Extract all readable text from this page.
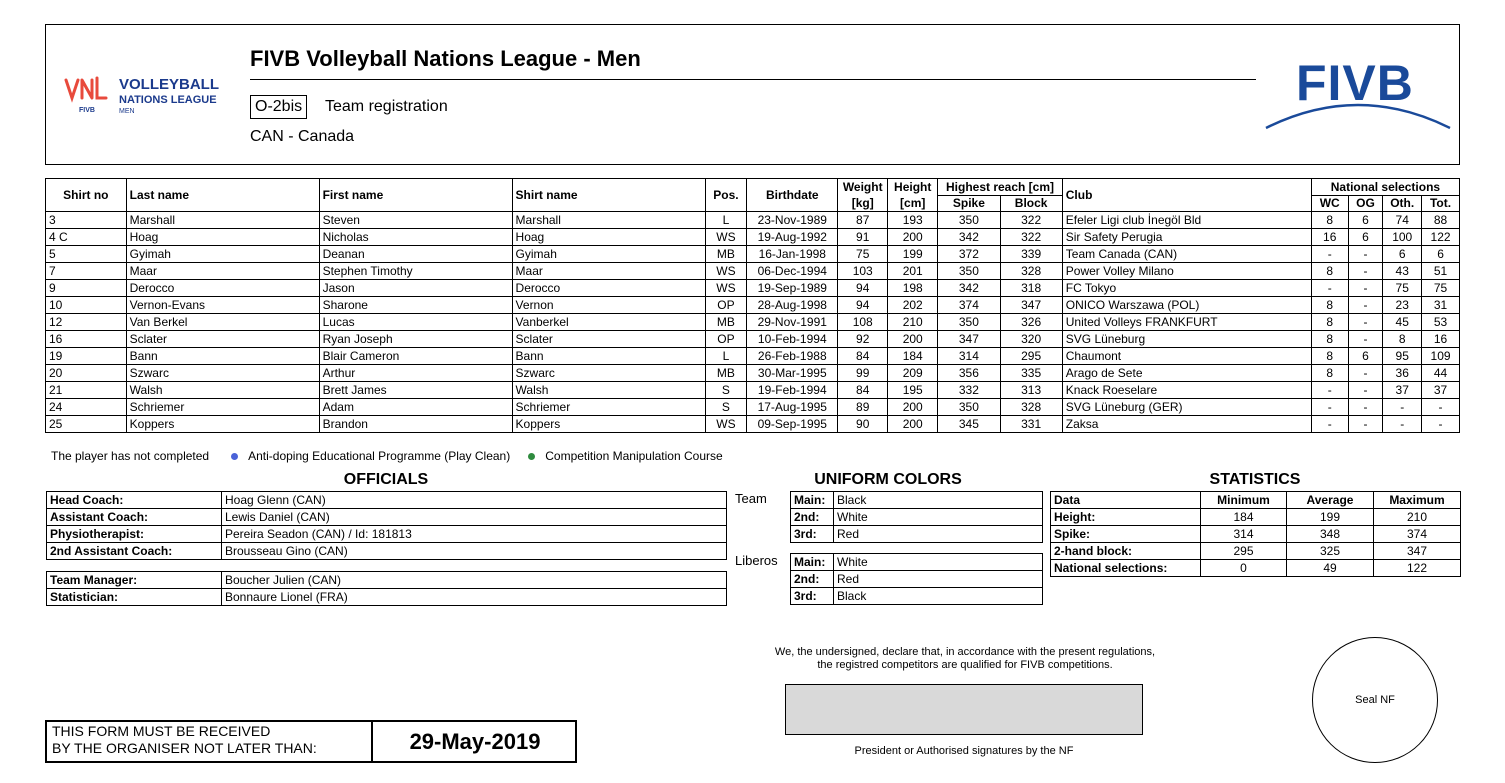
VOLLEYBALL
NATIONS LEAGUE
MEN
FIVB
FIVB Volleyball Nations League - Men
O-2bis	Team registration
CAN - Canada
FIVB
Shirt no	Last name	First name	Shirt name	Pos.	Birthdate	Weight	Height	Highest reach [cm]		Club	National selections			
						[kg]	[cm]	Spike	Block		WC	OG	Oth.	Tot.
3	Marshall	Steven	Marshall	L	23-Nov-1989	87	193	350	322	Efeler Ligi club İnegöl Bld	8	6	74	88
4 C	Hoag	Nicholas	Hoag	WS	19-Aug-1992	91	200	342	322	Sir Safety Perugia	16	6	100	122
5	Gyimah	Deanan	Gyimah	MB	16-Jan-1998	75	199	372	339	Team Canada (CAN)	-	-	6	6
7	Maar	Stephen Timothy	Maar	WS	06-Dec-1994	103	201	350	328	Power Volley Milano	8	-	43	51
9	Derocco	Jason	Derocco	WS	19-Sep-1989	94	198	342	318	FC Tokyo	-	-	75	75
10	Vernon-Evans	Sharone	Vernon	OP	28-Aug-1998	94	202	374	347	ONICO Warszawa (POL)	8	-	23	31
12	Van Berkel	Lucas	Vanberkel	MB	29-Nov-1991	108	210	350	326	United Volleys FRANKFURT	8	-	45	53
16	Sclater	Ryan Joseph	Sclater	OP	10-Feb-1994	92	200	347	320	SVG Lüneburg	8	-	8	16
19	Bann	Blair Cameron	Bann	L	26-Feb-1988	84	184	314	295	Chaumont	8	6	95	109
20	Szwarc	Arthur	Szwarc	MB	30-Mar-1995	99	209	356	335	Arago de Sete	8	-	36	44
21	Walsh	Brett James	Walsh	S	19-Feb-1994	84	195	332	313	Knack Roeselare	-	-	37	37
24	Schriemer	Adam	Schriemer	S	17-Aug-1995	89	200	350	328	SVG Lüneburg (GER)	-	-	-	-
25	Koppers	Brandon	Koppers	WS	09-Sep-1995	90	200	345	331	Zaksa	-	-	-	-
The player has not completed	Anti-doping Educational Programme (Play Clean)	Competition Manipulation Course
OFFICIALS
Head Coach:	Hoag Glenn (CAN)
Assistant Coach:	Lewis Daniel (CAN)
Physiotherapist:	Pereira Seadon (CAN) / Id: 181813
2nd Assistant Coach:	Brousseau Gino (CAN)
Team Manager:	Boucher Julien (CAN)
Statistician:	Bonnaure Lionel (FRA)
UNIFORM COLORS
Team Main:	Black
2nd:	White
3rd:	Red
Liberos Main:	White
2nd:	Red
3rd:	Black
STATISTICS
Data	Minimum	Average	Maximum
Height:	184	199	210
Spike:	314	348	374
2-hand block:	295	325	347
National selections:	0	49	122
We, the undersigned, declare that, in accordance with the present regulations,
the registred competitors are qualified for FIVB competitions.
President or Authorised signatures by the NF
Seal NF
THIS FORM MUST BE RECEIVED
BY THE ORGANISER NOT LATER THAN:	29-May-2019
